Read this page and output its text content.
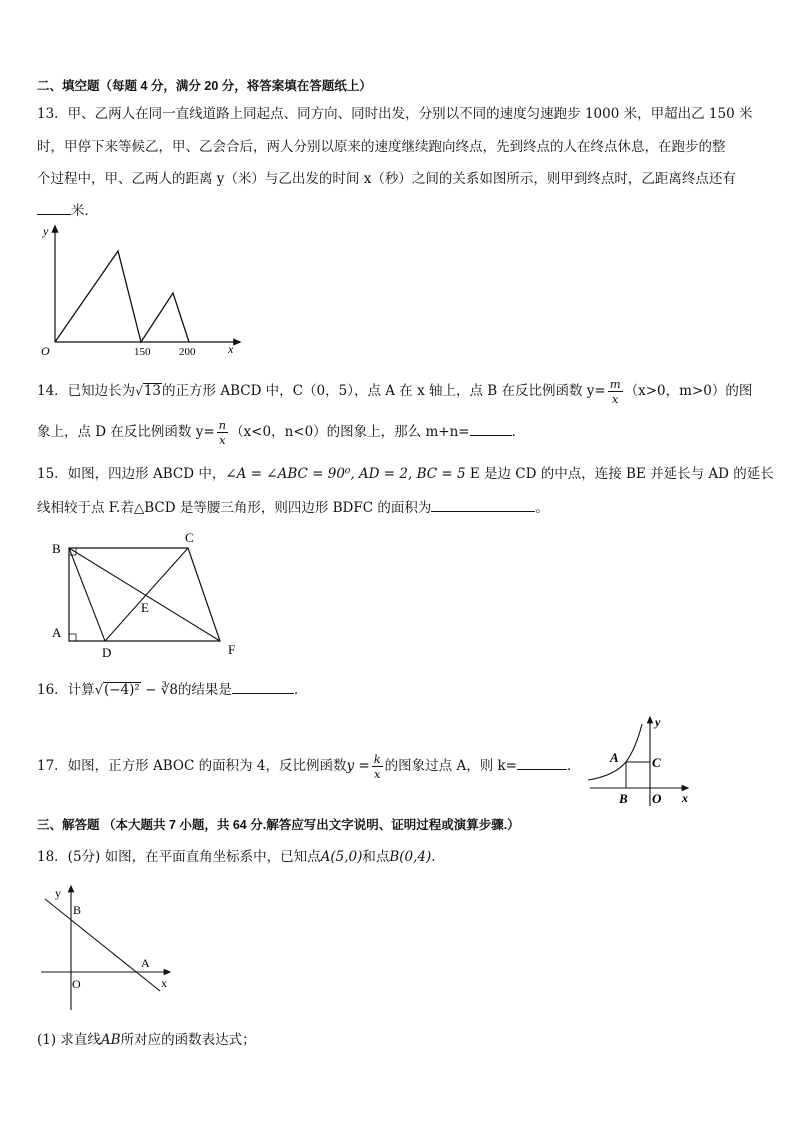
二、填空题（每题 4 分，满分 20 分，将答案填在答题纸上）
13．甲、乙两人在同一直线道路上同起点、同方向、同时出发，分别以不同的速度匀速跑步 1000 米，甲超出乙 150 米
时，甲停下来等候乙，甲、乙会合后，两人分别以原来的速度继续跑向终点，先到终点的人在终点休息，在跑步的整
个过程中，甲、乙两人的距离 y（米）与乙出发的时间 x（秒）之间的关系如图所示，则甲到终点时，乙距离终点还有
米．
y
x
O	150	200
14．已知边长为√13的正方形 ABCD 中，C（0，5），点 A 在 x 轴上，点 B 在反比例函数 $y= \frac{m}{x} (x>0$，m>0）的图
象上，点 D 在反比例函数 $y= \frac{n}{x} (x<0$，n<0）的图象上，那么 m+n=	．
15．如图，四边形 ABCD 中，∠A = ∠ABC = 90⁰, AD = 2, BC = 5 E 是边 CD 的中点，连接 BE 并延长与 AD 的延长
线相较于点 F.若△BCD 是等腰三角形，则四边形 BDFC 的面积为	。
B
C
A
D
E
F
16．计算√(−4)² − ∛8的结果是	．
17．如图，正方形 ABOC 的面积为 4，反比例函数$y = \frac{k}{x}$ 的图象过点 A，则 k=	．
A	C
B O x
y
三、解答题 （本大题共 7 小题，共 64 分.解答应写出文字说明、证明过程或演算步骤.）
18．(5分) 如图，在平面直角坐标系中，已知点A(5,0)和点B(0,4).
y
B
A
O	x
(1) 求直线AB所对应的函数表达式；
